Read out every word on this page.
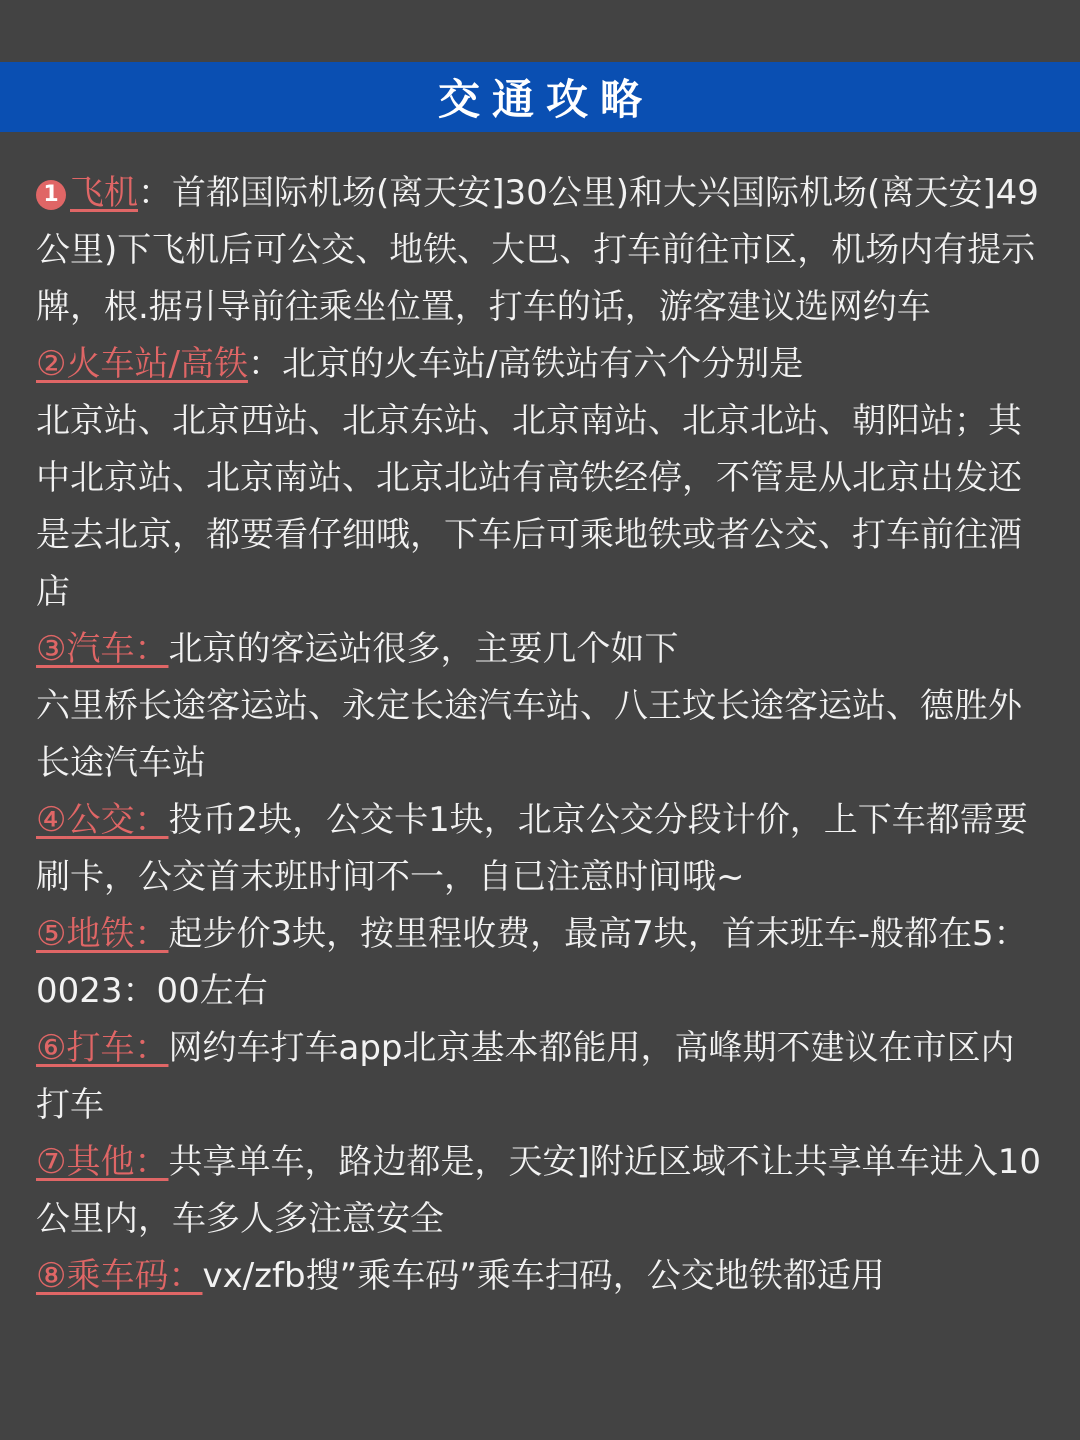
交通攻略

1 飞机：首都国际机场(离天安]30公里)和大兴国际机场(离天安]49公里)下飞机后可公交、地铁、大巴、打车前往市区，机场内有提示牌，根.据引导前往乘坐位置，打车的话，游客建议选网约车

②火车站/高铁：北京的火车站/高铁站有六个分别是
北京站、北京西站、北京东站、北京南站、北京北站、朝阳站；其中北京站、北京南站、北京北站有高铁经停，不管是从北京出发还是去北京，都要看仔细哦，下车后可乘地铁或者公交、打车前往酒店

③汽车：北京的客运站很多，主要几个如下
六里桥长途客运站、永定长途汽车站、八王坟长途客运站、德胜外长途汽车站

④公交：投币2块，公交卡1块，北京公交分段计价，上下车都需要刷卡，公交首末班时间不一，自已注意时间哦~

⑤地铁：起步价3块，按里程收费，最高7块，首末班车-般都在5：0023：00左右

⑥打车：网约车打车app北京基本都能用，高峰期不建议在市区内打车

⑦其他：共享单车，路边都是，天安]附近区域不让共享单车进入10公里内，车多人多注意安全

⑧乘车码：vx/zfb搜”乘车码”乘车扫码，公交地铁都适用
